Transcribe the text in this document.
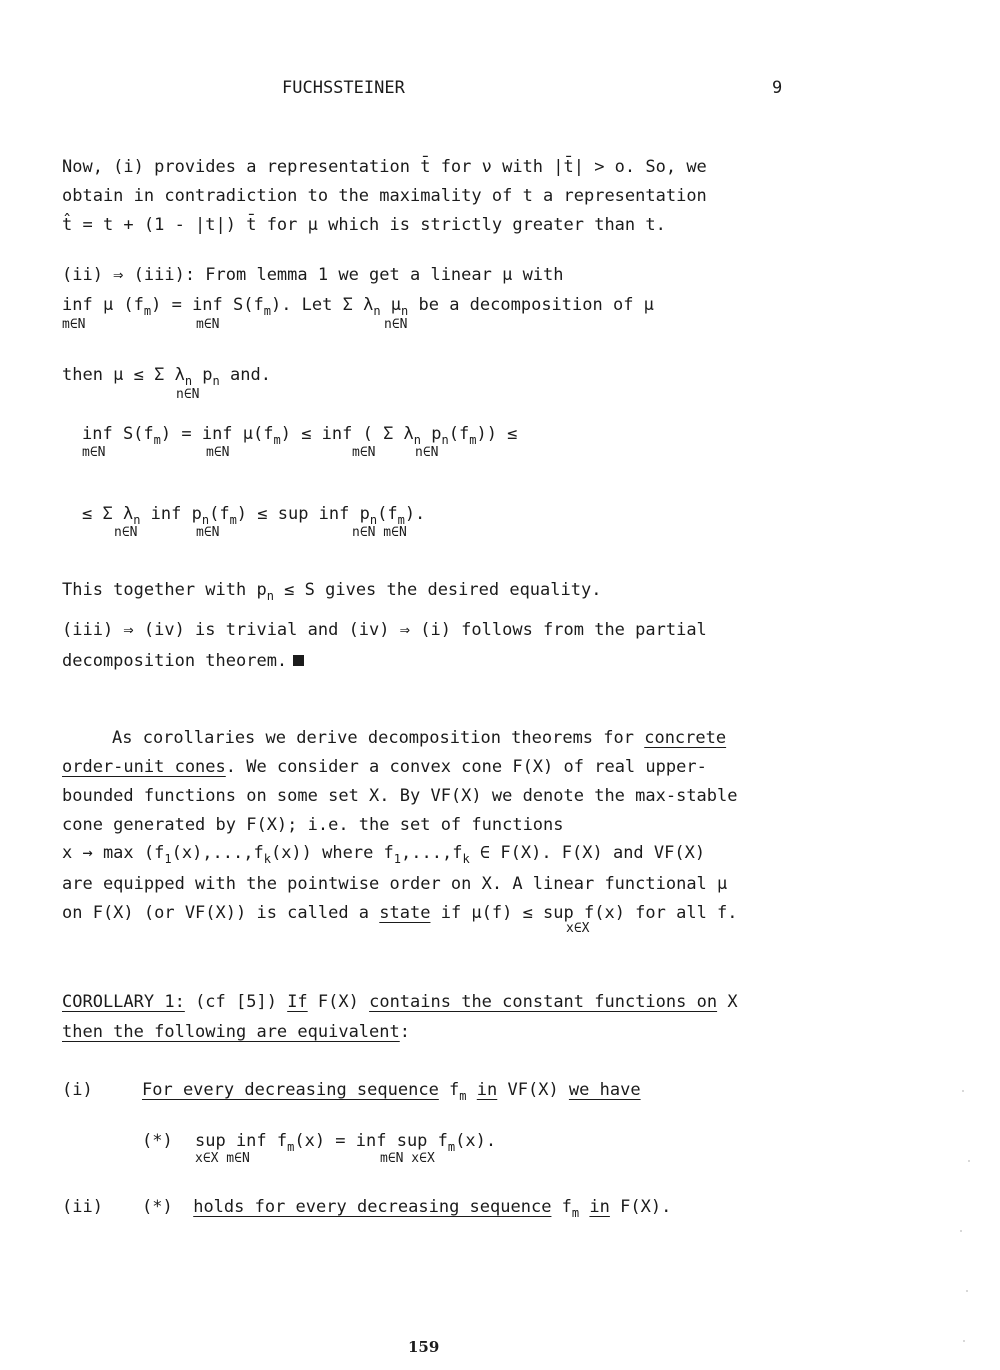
FUCHSSTEINER	9
Now, (i) provides a representation t̄ for ν with |t̄| > o. So, we
obtain in contradiction to the maximality of t a representation
t̂ = t + (1 - |t|) t̄ for μ which is strictly greater than t.
(ii) ⇒ (iii): From lemma 1 we get a linear μ with
inf μ $(f_m)$ = inf $S(f_m)$. Let Σ $\lambda_n$ $\mu_n$ be a decomposition of μ
m∈N	m∈N	n∈N
then μ ≤ Σ $\lambda_n$ $p_n$ and.
n∈N
inf $S(f_m)$ = inf $\mu(f_m)$ ≤ inf ( Σ $\lambda_n$ $p_n(f_m)$) ≤
m∈N	m∈N	m∈N	n∈N
≤ Σ $\lambda_n$ inf $p_n(f_m)$ ≤ sup inf $p_n(f_m)$.
n∈N	m∈N	n∈N m∈N
This together with $p_n \le S$ gives the desired equality.
(iii) ⇒ (iv) is trivial and (iv) ⇒ (i) follows from the partial
decomposition theorem.
As corollaries we derive decomposition theorems for concrete
order-unit cones. We consider a convex cone F(X) of real upper-
bounded functions on some set X. By VF(X) we denote the max-stable
cone generated by F(X); i.e. the set of functions
$x \to \max (f_1(x),...,f_k(x))$ where $f_1,...,f_k$ ∈ F(X). F(X) and VF(X)
are equipped with the pointwise order on X. A linear functional μ
on F(X) (or VF(X)) is called a state if μ(f) ≤ sup f(x) for all f.
x∈X
COROLLARY 1: (cf [5]) If F(X) contains the constant functions on X
then the following are equivalent:
(i)	For every decreasing sequence $f_m$ in VF(X) we have
(*) sup inf $f_m(x)$ = inf sup $f_m(x)$.
x∈X m∈N	m∈N x∈X
(ii) (*) holds for every decreasing sequence $f_m$ in F(X).
159
